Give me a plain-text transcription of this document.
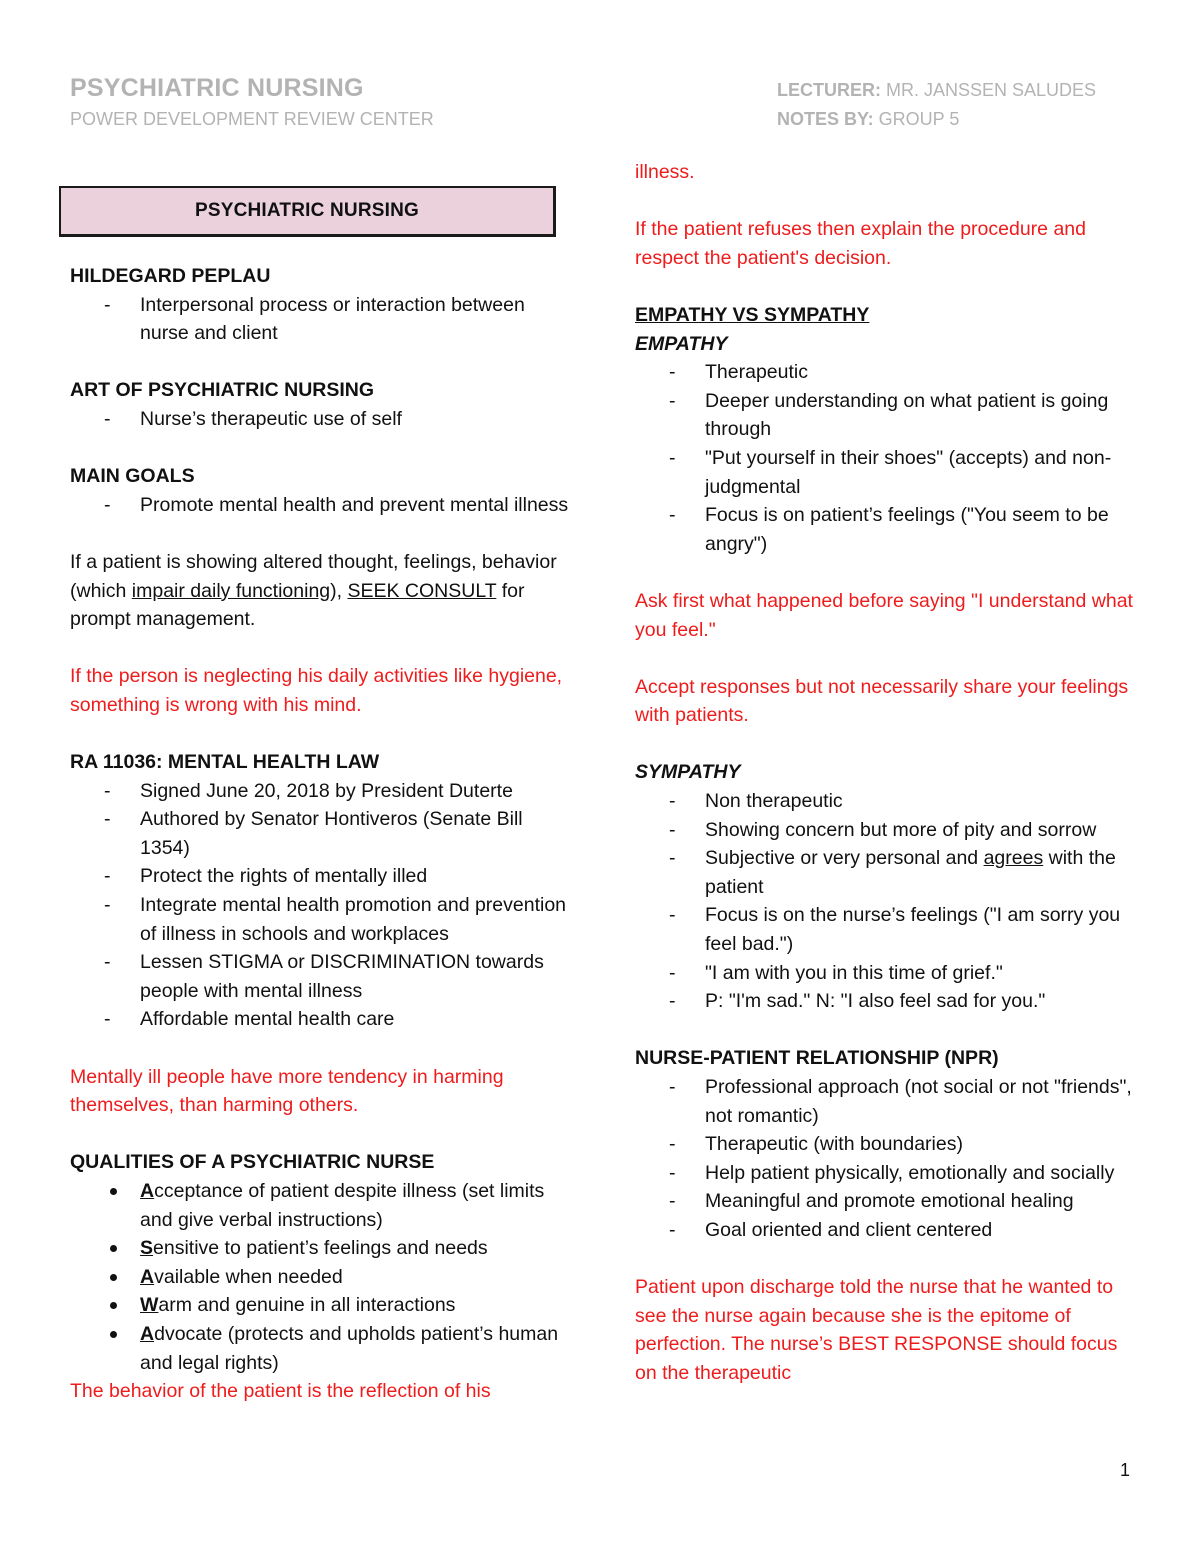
PSYCHIATRIC NURSING
POWER DEVELOPMENT REVIEW CENTER
LECTURER: MR. JANSSEN SALUDES
NOTES BY: GROUP 5
PSYCHIATRIC NURSING

HILDEGARD PEPLAU

- Interpersonal process or interaction between nurse and client

ART OF PSYCHIATRIC NURSING

- Nurse’s therapeutic use of self

MAIN GOALS

- Promote mental health and prevent mental illness

If a patient is showing altered thought, feelings, behavior (which impair daily functioning), SEEK CONSULT for prompt management.

If the person is neglecting his daily activities like hygiene, something is wrong with his mind.

RA 11036: MENTAL HEALTH LAW

- Signed June 20, 2018 by President Duterte
- Authored by Senator Hontiveros (Senate Bill 1354)
- Protect the rights of mentally illed
- Integrate mental health promotion and prevention of illness in schools and workplaces
- Lessen STIGMA or DISCRIMINATION towards people with mental illness
- Affordable mental health care

Mentally ill people have more tendency in harming themselves, than harming others.

QUALITIES OF A PSYCHIATRIC NURSE

Acceptance of patient despite illness (set limits and give verbal instructions)
Sensitive to patient’s feelings and needs
Available when needed
Warm and genuine in all interactions
Advocate (protects and upholds patient’s human and legal rights)

The behavior of the patient is the reflection of his

illness.

If the patient refuses then explain the procedure and respect the patient's decision.

EMPATHY VS SYMPATHY

EMPATHY

- Therapeutic
- Deeper understanding on what patient is going through
- "Put yourself in their shoes" (accepts) and non-judgmental
- Focus is on patient’s feelings ("You seem to be angry")

Ask first what happened before saying "I understand what you feel."

Accept responses but not necessarily share your feelings with patients.

SYMPATHY

- Non therapeutic
- Showing concern but more of pity and sorrow
- Subjective or very personal and agrees with the patient
- Focus is on the nurse’s feelings ("I am sorry you feel bad.")
- "I am with you in this time of grief."
- P: "I'm sad." N: "I also feel sad for you."

NURSE-PATIENT RELATIONSHIP (NPR)

- Professional approach (not social or not "friends", not romantic)
- Therapeutic (with boundaries)
- Help patient physically, emotionally and socially
- Meaningful and promote emotional healing
- Goal oriented and client centered

Patient upon discharge told the nurse that he wanted to see the nurse again because she is the epitome of perfection. The nurse’s BEST RESPONSE should focus on the therapeutic

1
